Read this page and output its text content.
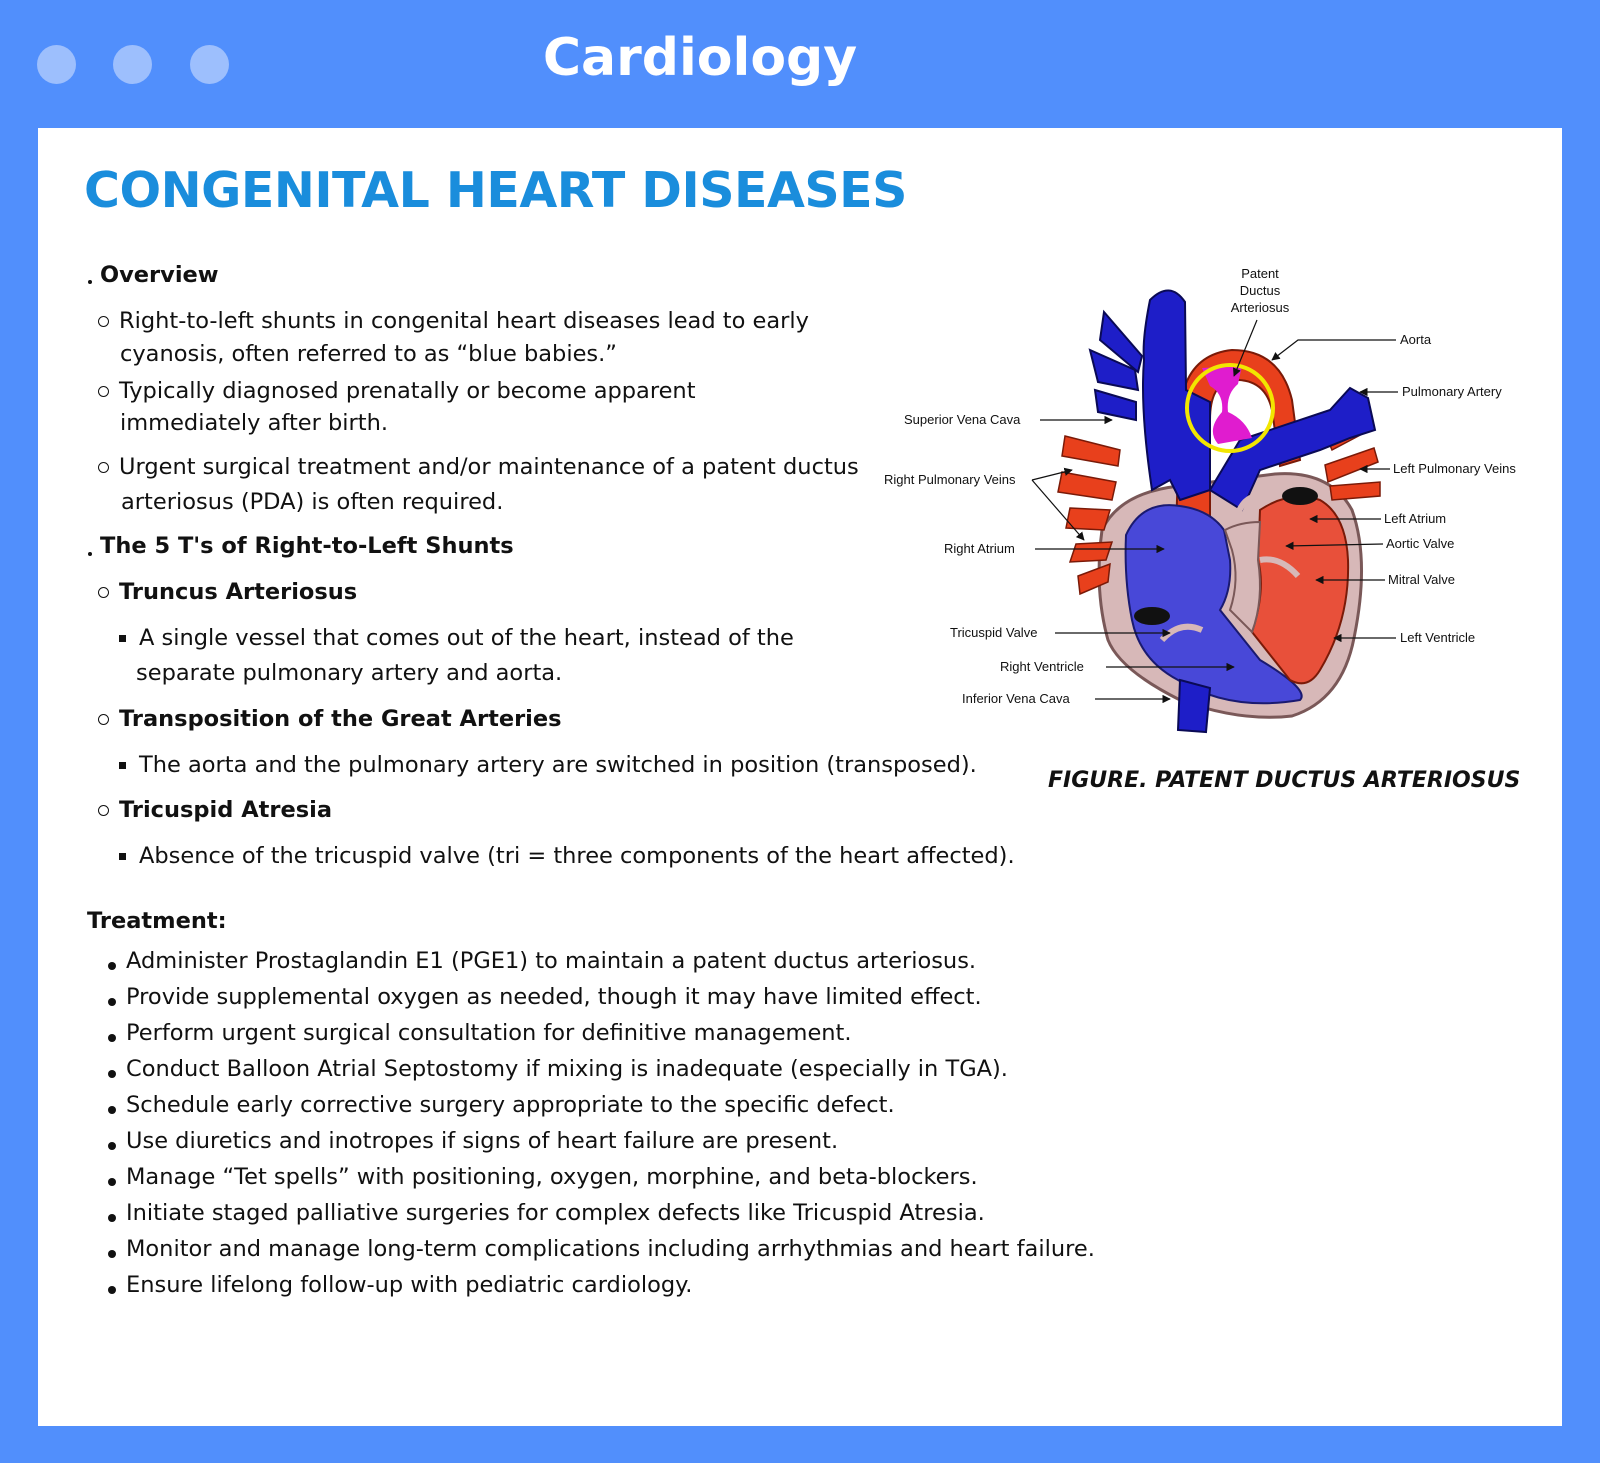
Cardiology
CONGENITAL HEART DISEASES
Overview
Right-to-left shunts in congenital heart diseases lead to early
cyanosis, often referred to as “blue babies.”
Typically diagnosed prenatally or become apparent
immediately after birth.
Urgent surgical treatment and/or maintenance of a patent ductus
arteriosus (PDA) is often required.
The 5 T's of Right-to-Left Shunts
Truncus Arteriosus
A single vessel that comes out of the heart, instead of the
separate pulmonary artery and aorta.
Transposition of the Great Arteries
The aorta and the pulmonary artery are switched in position (transposed).
Tricuspid Atresia
Absence of the tricuspid valve (tri = three components of the heart affected).
Treatment:
Administer Prostaglandin E1 (PGE1) to maintain a patent ductus arteriosus.
Provide supplemental oxygen as needed, though it may have limited effect.
Perform urgent surgical consultation for definitive management.
Conduct Balloon Atrial Septostomy if mixing is inadequate (especially in TGA).
Schedule early corrective surgery appropriate to the specific defect.
Use diuretics and inotropes if signs of heart failure are present.
Manage “Tet spells” with positioning, oxygen, morphine, and beta-blockers.
Initiate staged palliative surgeries for complex defects like Tricuspid Atresia.
Monitor and manage long-term complications including arrhythmias and heart failure.
Ensure lifelong follow-up with pediatric cardiology.
Patent
Ductus
Arteriosus
Aorta
Pulmonary Artery
Superior Vena Cava
Right Pulmonary Veins
Left Pulmonary Veins
Left Atrium
Right Atrium	Aortic Valve
Mitral Valve
Tricuspid Valve	Left Ventricle
Right Ventricle
Inferior Vena Cava
FIGURE. PATENT DUCTUS ARTERIOSUS
